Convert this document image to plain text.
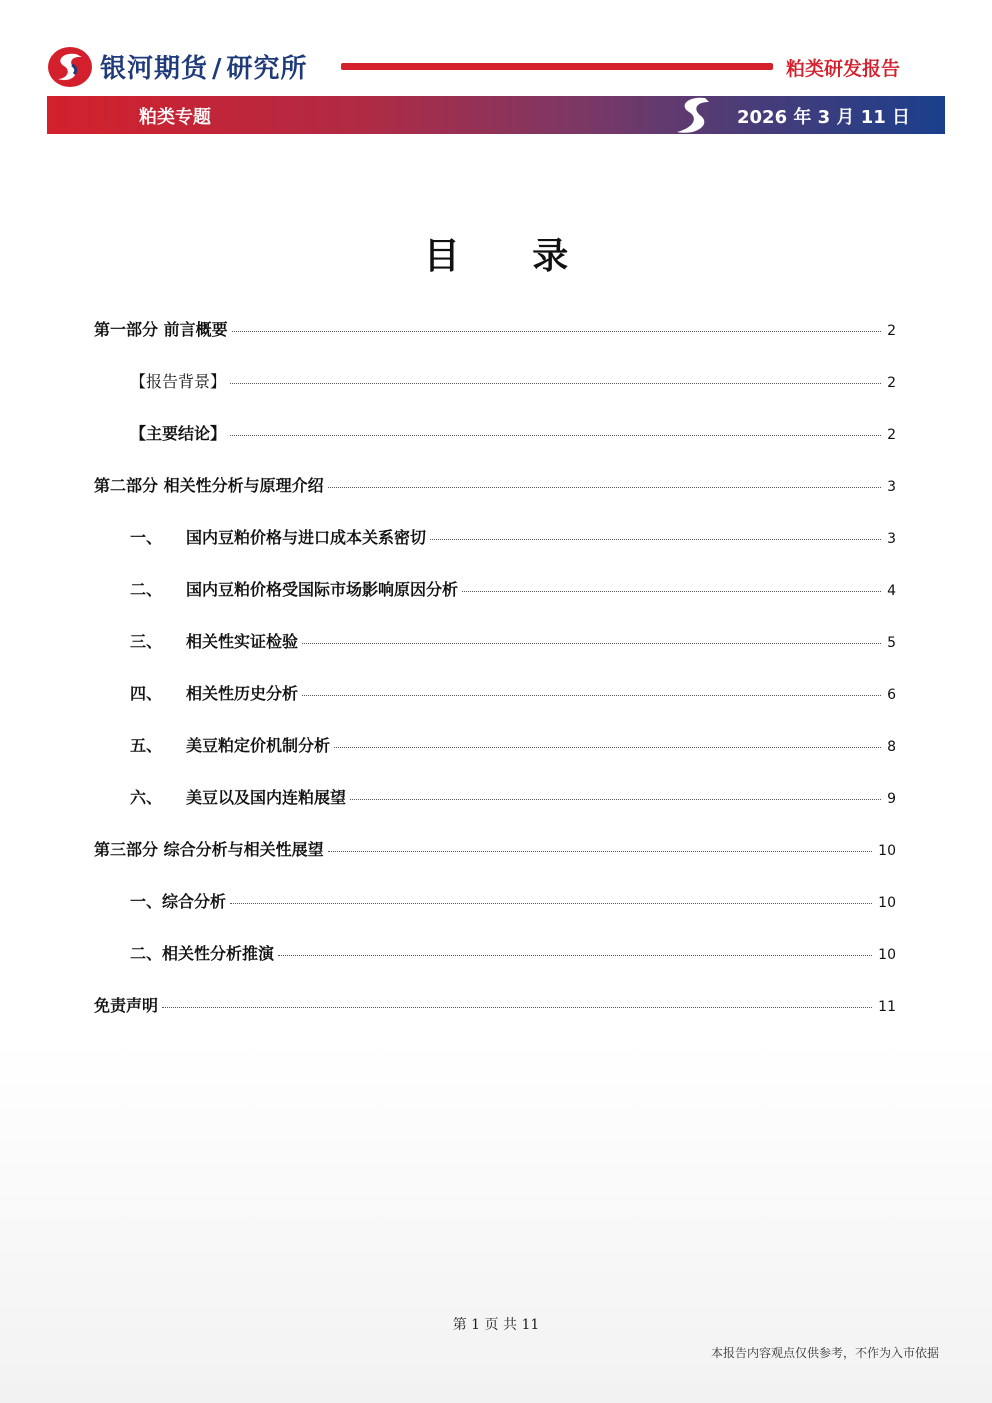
银河期货 / 研究所	粕类研发报告
粕类专题	2026 年 3 月 11 日
目 录
第一部分 前言概要	2
【报告背景】	2
【主要结论】	2
第二部分 相关性分析与原理介绍	3
一、	国内豆粕价格与进口成本关系密切	3
二、	国内豆粕价格受国际市场影响原因分析	4
三、	相关性实证检验	5
四、	相关性历史分析	6
五、	美豆粕定价机制分析	8
六、	美豆以及国内连粕展望	9
第三部分 综合分析与相关性展望	10
一、综合分析	10
二、相关性分析推演	10
免责声明	11
第 1 页 共 11
本报告内容观点仅供参考，不作为入市依据
